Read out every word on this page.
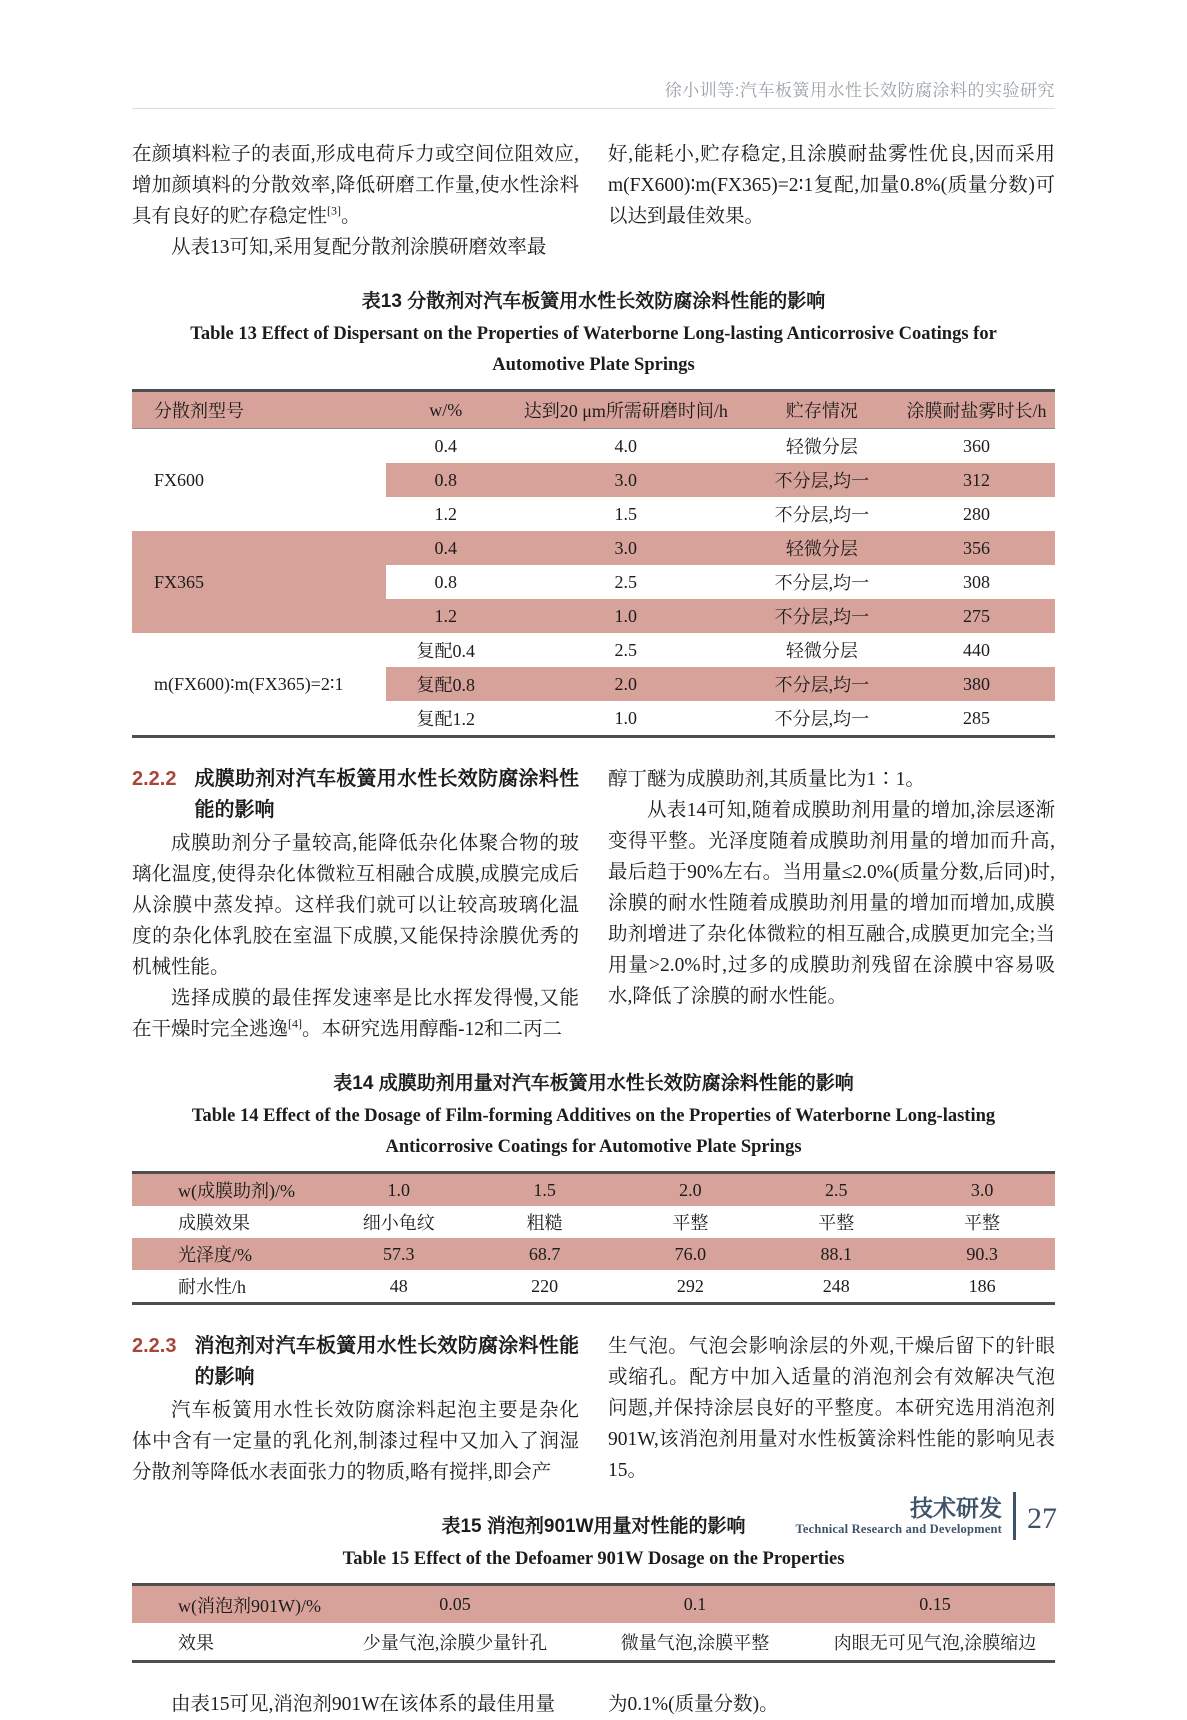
徐小训等:汽车板簧用水性长效防腐涂料的实验研究

在颜填料粒子的表面,形成电荷斥力或空间位阻效应,增加颜填料的分散效率,降低研磨工作量,使水性涂料具有良好的贮存稳定性[3]。

从表13可知,采用复配分散剂涂膜研磨效率最

好,能耗小,贮存稳定,且涂膜耐盐雾性优良,因而采用m(FX600)∶m(FX365)=2∶1复配,加量0.8%(质量分数)可以达到最佳效果。

表13 分散剂对汽车板簧用水性长效防腐涂料性能的影响
Table 13 Effect of Dispersant on the Properties of Waterborne Long-lasting Anticorrosive Coatings for Automotive Plate Springs
分散剂型号	w/%	达到20 μm所需研磨时间/h	贮存情况	涂膜耐盐雾时长/h
FX600	0.4	4.0	轻微分层	360
	0.8	3.0	不分层,均一	312
	1.2	1.5	不分层,均一	280
FX365	0.4	3.0	轻微分层	356
	0.8	2.5	不分层,均一	308
	1.2	1.0	不分层,均一	275
m(FX600)∶m(FX365)=2∶1	复配0.4	2.5	轻微分层	440
	复配0.8	2.0	不分层,均一	380
	复配1.2	1.0	不分层,均一	285
2.2.2 成膜助剂对汽车板簧用水性长效防腐涂料性能的影响

成膜助剂分子量较高,能降低杂化体聚合物的玻璃化温度,使得杂化体微粒互相融合成膜,成膜完成后从涂膜中蒸发掉。这样我们就可以让较高玻璃化温度的杂化体乳胶在室温下成膜,又能保持涂膜优秀的机械性能。

选择成膜的最佳挥发速率是比水挥发得慢,又能在干燥时完全逃逸[4]。本研究选用醇酯-12和二丙二

醇丁醚为成膜助剂,其质量比为1∶1。

从表14可知,随着成膜助剂用量的增加,涂层逐渐变得平整。光泽度随着成膜助剂用量的增加而升高,最后趋于90%左右。当用量≤2.0%(质量分数,后同)时,涂膜的耐水性随着成膜助剂用量的增加而增加,成膜助剂增进了杂化体微粒的相互融合,成膜更加完全;当用量>2.0%时,过多的成膜助剂残留在涂膜中容易吸水,降低了涂膜的耐水性能。

表14 成膜助剂用量对汽车板簧用水性长效防腐涂料性能的影响
Table 14 Effect of the Dosage of Film-forming Additives on the Properties of Waterborne Long-lasting Anticorrosive Coatings for Automotive Plate Springs
w(成膜助剂)/%	1.0	1.5	2.0	2.5	3.0
成膜效果	细小龟纹	粗糙	平整	平整	平整
光泽度/%	57.3	68.7	76.0	88.1	90.3
耐水性/h	48	220	292	248	186
2.2.3 消泡剂对汽车板簧用水性长效防腐涂料性能的影响

汽车板簧用水性长效防腐涂料起泡主要是杂化体中含有一定量的乳化剂,制漆过程中又加入了润湿分散剂等降低水表面张力的物质,略有搅拌,即会产

生气泡。气泡会影响涂层的外观,干燥后留下的针眼或缩孔。配方中加入适量的消泡剂会有效解决气泡问题,并保持涂层良好的平整度。本研究选用消泡剂901W,该消泡剂用量对水性板簧涂料性能的影响见表15。

表15 消泡剂901W用量对性能的影响
Table 15 Effect of the Defoamer 901W Dosage on the Properties
w(消泡剂901W)/%	0.05	0.1	0.15
效果	少量气泡,涂膜少量针孔	微量气泡,涂膜平整	肉眼无可见气泡,涂膜缩边

由表15可见,消泡剂901W在该体系的最佳用量	为0.1%(质量分数)。

技术研发
Technical Research and Development 27
